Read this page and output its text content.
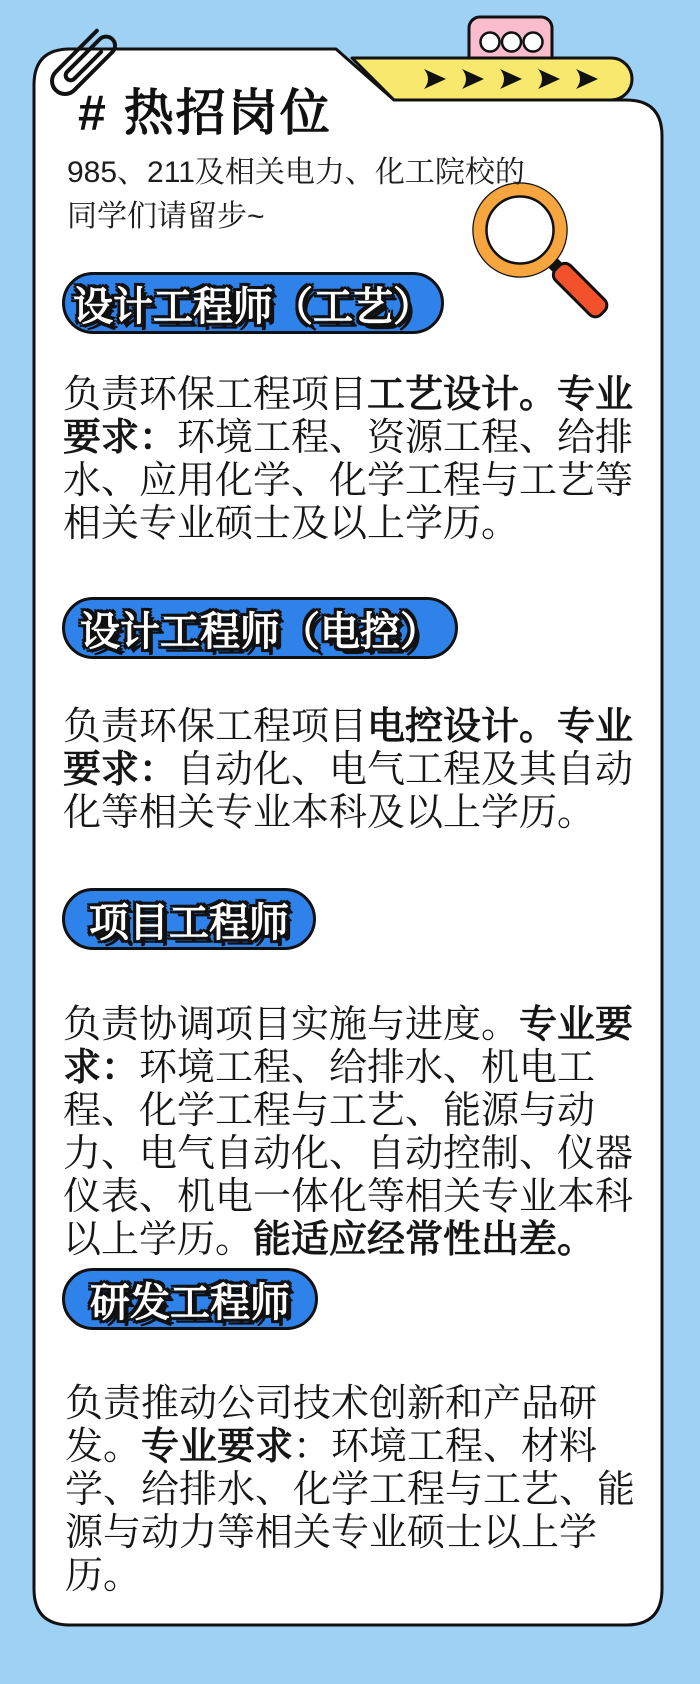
# 热招岗位
985、211及相关电力、化工院校的
同学们请留步~
设计工程师（工艺）
负责环保工程项目工艺设计。专业要求：环境工程、资源工程、给排水、应用化学、化学工程与工艺等相关专业硕士及以上学历。
设计工程师（电控）
负责环保工程项目电控设计。专业要求：自动化、电气工程及其自动化等相关专业本科及以上学历。
项目工程师
负责协调项目实施与进度。专业要求：环境工程、给排水、机电工程、化学工程与工艺、能源与动力、电气自动化、自动控制、仪器仪表、机电一体化等相关专业本科以上学历。能适应经常性出差。
研发工程师
负责推动公司技术创新和产品研发。专业要求：环境工程、材料学、给排水、化学工程与工艺、能源与动力等相关专业硕士以上学历。
